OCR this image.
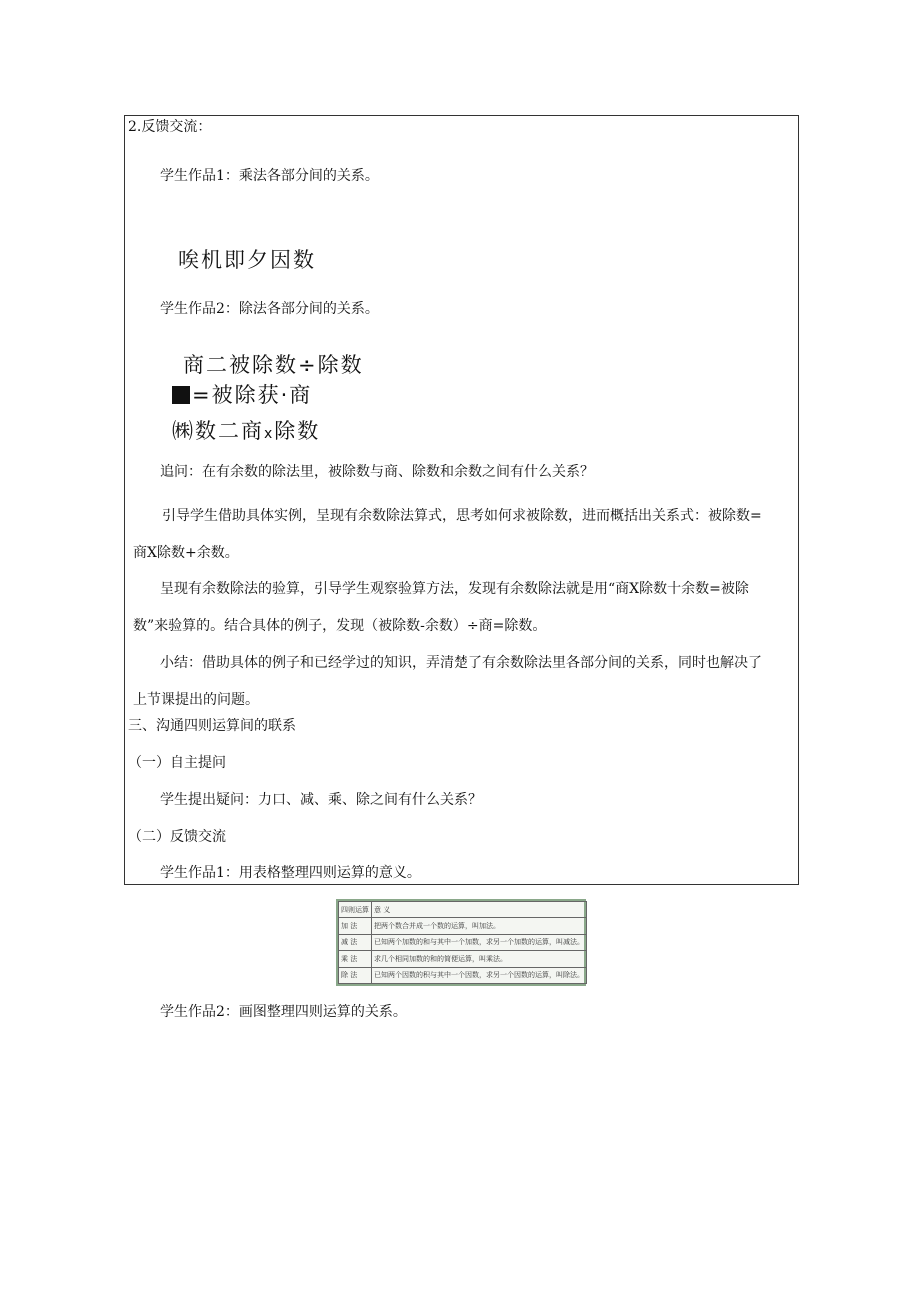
2.反馈交流：
学生作品1：乘法各部分间的关系。
唉机即夕因数
学生作品2：除法各部分间的关系。
商二被除数÷除数
=被除获·商
㈱数二商x除数
追问：在有余数的除法里，被除数与商、除数和余数之间有什么关系？
引导学生借助具体实例，呈现有余数除法算式，思考如何求被除数，进而概括出关系式：被除数=商X除数+余数。
呈现有余数除法的验算，引导学生观察验算方法，发现有余数除法就是用“商X除数十余数=被除数”来验算的。结合具体的例子，发现（被除数-余数）÷商=除数。
小结：借助具体的例子和已经学过的知识，弄清楚了有余数除法里各部分间的关系，同时也解决了上节课提出的问题。
三、沟通四则运算间的联系
（一）自主提问
学生提出疑问：力口、减、乘、除之间有什么关系？
（二）反馈交流
学生作品1：用表格整理四则运算的意义。
四则运算	意 义
加 法	把两个数合并成一个数的运算，叫加法。
减 法	已知两个加数的和与其中一个加数，求另一个加数的运算，叫减法。
乘 法	求几个相同加数的和的简便运算，叫乘法。
除 法	已知两个因数的积与其中一个因数，求另一个因数的运算，叫除法。
学生作品2：画图整理四则运算的关系。
